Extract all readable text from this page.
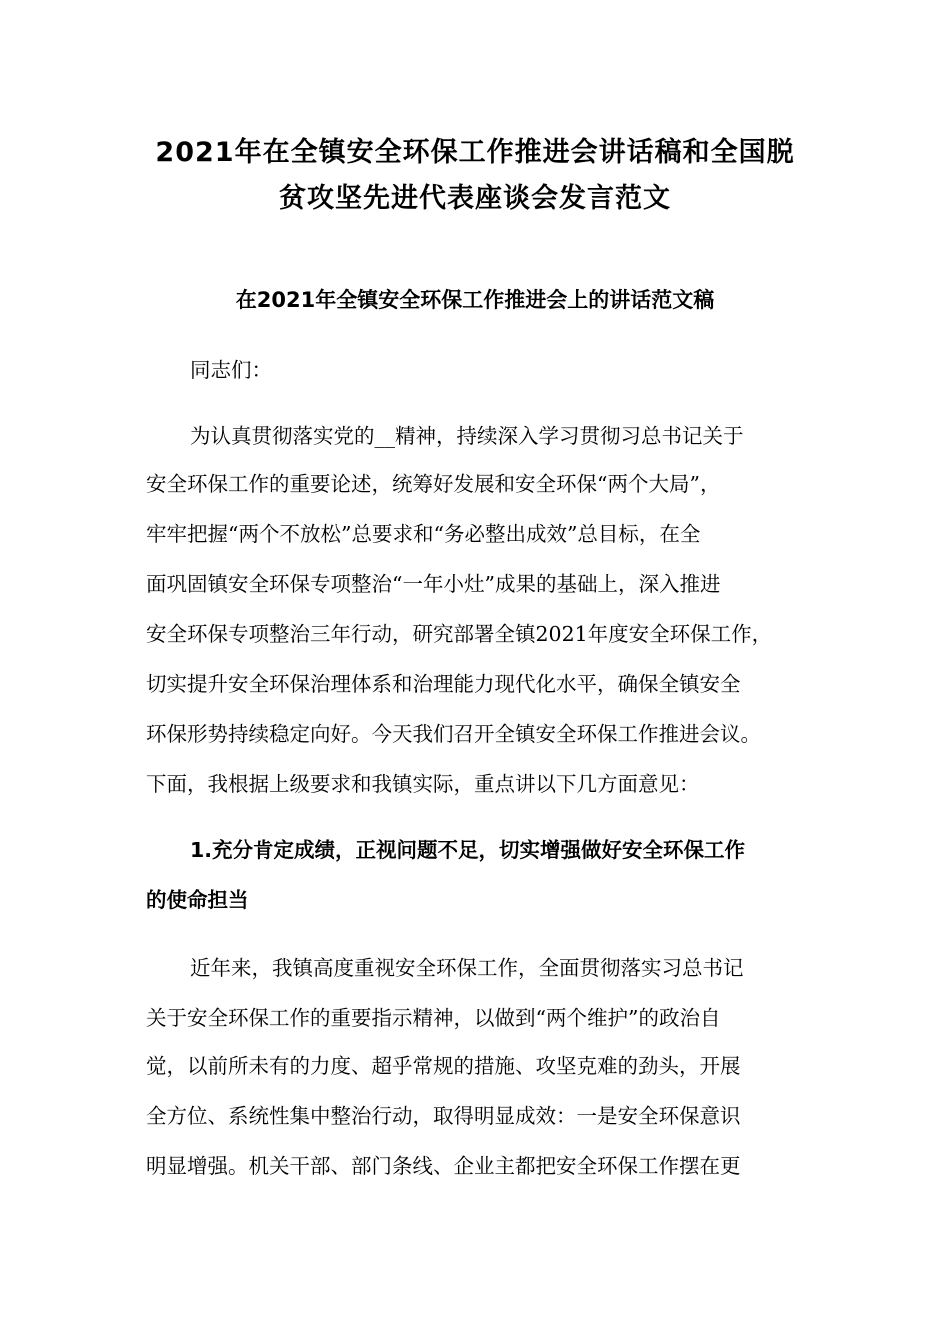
2021年在全镇安全环保工作推进会讲话稿和全国脱
贫攻坚先进代表座谈会发言范文
在2021年全镇安全环保工作推进会上的讲话范文稿

同志们：

为认真贯彻落实党的__精神，持续深入学习贯彻习总书记关于

安全环保工作的重要论述，统筹好发展和安全环保“两个大局”，

牢牢把握“两个不放松”总要求和“务必整出成效”总目标，在全

面巩固镇安全环保专项整治“一年小灶”成果的基础上，深入推进

安全环保专项整治三年行动，研究部署全镇2021年度安全环保工作，

切实提升安全环保治理体系和治理能力现代化水平，确保全镇安全

环保形势持续稳定向好。今天我们召开全镇安全环保工作推进会议。

下面，我根据上级要求和我镇实际，重点讲以下几方面意见：

1.充分肯定成绩，正视问题不足，切实增强做好安全环保工作

的使命担当

近年来，我镇高度重视安全环保工作，全面贯彻落实习总书记

关于安全环保工作的重要指示精神，以做到“两个维护”的政治自

觉，以前所未有的力度、超乎常规的措施、攻坚克难的劲头，开展

全方位、系统性集中整治行动，取得明显成效：一是安全环保意识

明显增强。机关干部、部门条线、企业主都把安全环保工作摆在更
